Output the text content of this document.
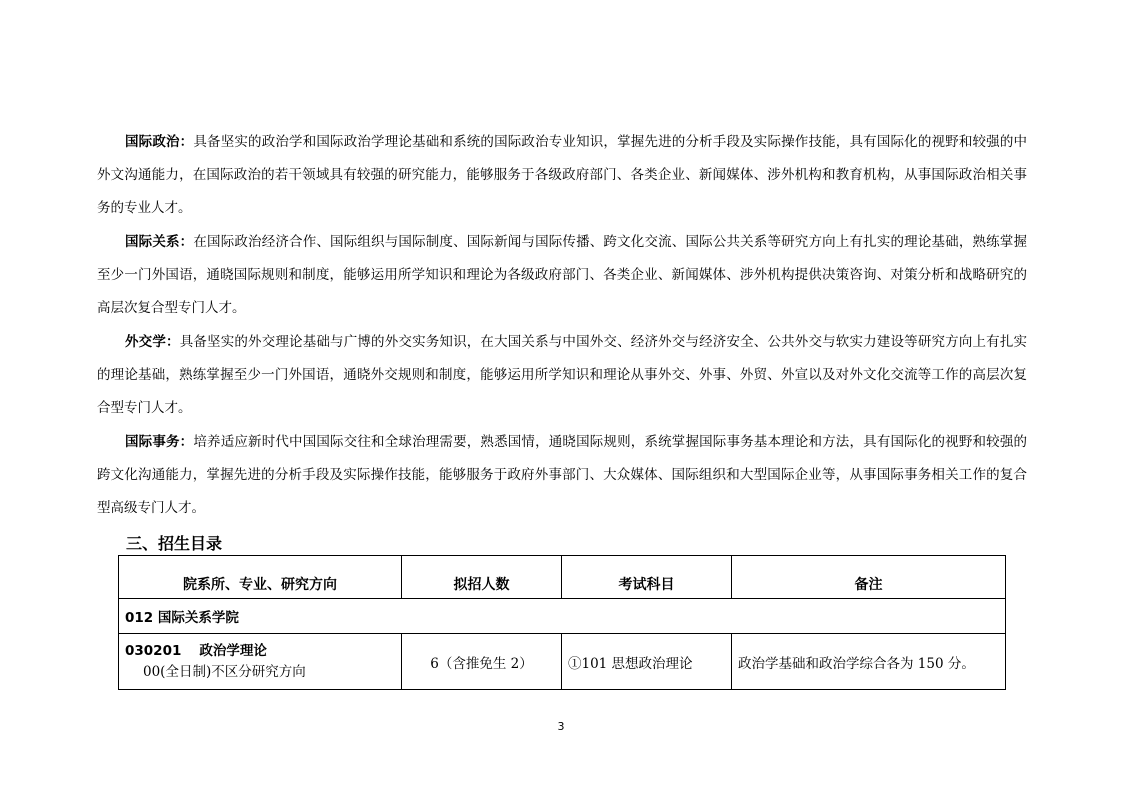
国际政治：具备坚实的政治学和国际政治学理论基础和系统的国际政治专业知识，掌握先进的分析手段及实际操作技能，具有国际化的视野和较强的中外文沟通能力，在国际政治的若干领域具有较强的研究能力，能够服务于各级政府部门、各类企业、新闻媒体、涉外机构和教育机构，从事国际政治相关事务的专业人才。

国际关系：在国际政治经济合作、国际组织与国际制度、国际新闻与国际传播、跨文化交流、国际公共关系等研究方向上有扎实的理论基础，熟练掌握至少一门外国语，通晓国际规则和制度，能够运用所学知识和理论为各级政府部门、各类企业、新闻媒体、涉外机构提供决策咨询、对策分析和战略研究的高层次复合型专门人才。

外交学：具备坚实的外交理论基础与广博的外交实务知识，在大国关系与中国外交、经济外交与经济安全、公共外交与软实力建设等研究方向上有扎实的理论基础，熟练掌握至少一门外国语，通晓外交规则和制度，能够运用所学知识和理论从事外交、外事、外贸、外宣以及对外文化交流等工作的高层次复合型专门人才。

国际事务：培养适应新时代中国国际交往和全球治理需要，熟悉国情，通晓国际规则，系统掌握国际事务基本理论和方法，具有国际化的视野和较强的跨文化沟通能力，掌握先进的分析手段及实际操作技能，能够服务于政府外事部门、大众媒体、国际组织和大型国际企业等，从事国际事务相关工作的复合型高级专门人才。

三、招生目录
院系所、专业、研究方向	拟招人数	考试科目	备注
012 国际关系学院			

030201 政治学理论
00(全日制)不区分研究方向	6（含推免生 2）	①101 思想政治理论	政治学基础和政治学综合各为 150 分。
3
